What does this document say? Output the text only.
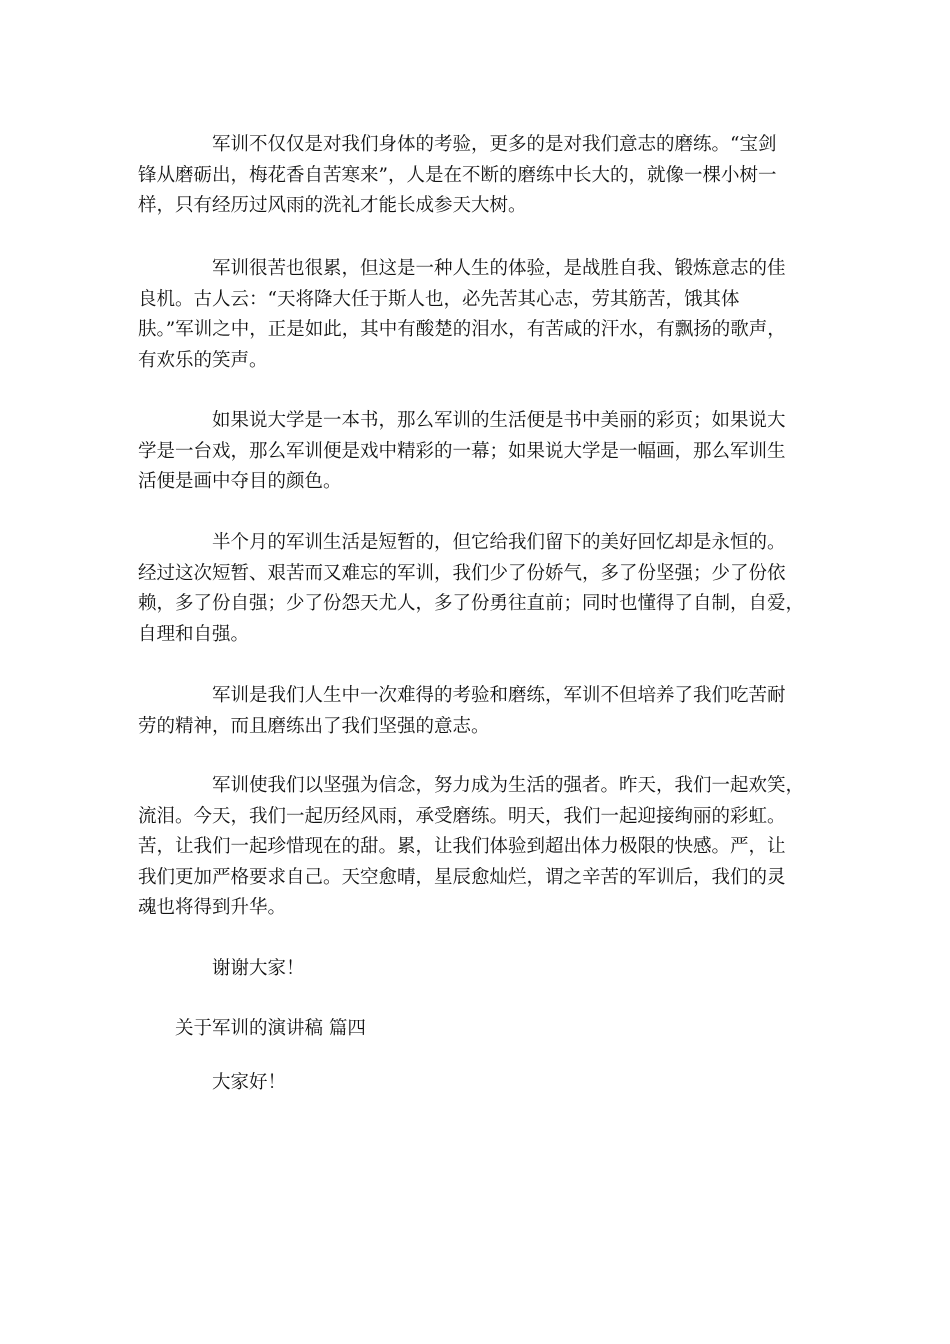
军训不仅仅是对我们身体的考验，更多的是对我们意志的磨练。“宝剑
锋从磨砺出，梅花香自苦寒来”，人是在不断的磨练中长大的，就像一棵小树一
样，只有经历过风雨的洗礼才能长成参天大树。
军训很苦也很累，但这是一种人生的体验，是战胜自我、锻炼意志的佳
良机。古人云：“天将降大任于斯人也，必先苦其心志，劳其筋苦，饿其体
肤。”军训之中，正是如此，其中有酸楚的泪水，有苦咸的汗水，有飘扬的歌声，
有欢乐的笑声。
如果说大学是一本书，那么军训的生活便是书中美丽的彩页；如果说大
学是一台戏，那么军训便是戏中精彩的一幕；如果说大学是一幅画，那么军训生
活便是画中夺目的颜色。
半个月的军训生活是短暂的，但它给我们留下的美好回忆却是永恒的。
经过这次短暂、艰苦而又难忘的军训，我们少了份娇气，多了份坚强；少了份依
赖，多了份自强；少了份怨天尤人，多了份勇往直前；同时也懂得了自制，自爱，
自理和自强。
军训是我们人生中一次难得的考验和磨练，军训不但培养了我们吃苦耐
劳的精神，而且磨练出了我们坚强的意志。
军训使我们以坚强为信念，努力成为生活的强者。昨天，我们一起欢笑，
流泪。今天，我们一起历经风雨，承受磨练。明天，我们一起迎接绚丽的彩虹。
苦，让我们一起珍惜现在的甜。累，让我们体验到超出体力极限的快感。严，让
我们更加严格要求自己。天空愈晴，星辰愈灿烂，谓之辛苦的军训后，我们的灵
魂也将得到升华。
谢谢大家！
关于军训的演讲稿 篇四
大家好！
